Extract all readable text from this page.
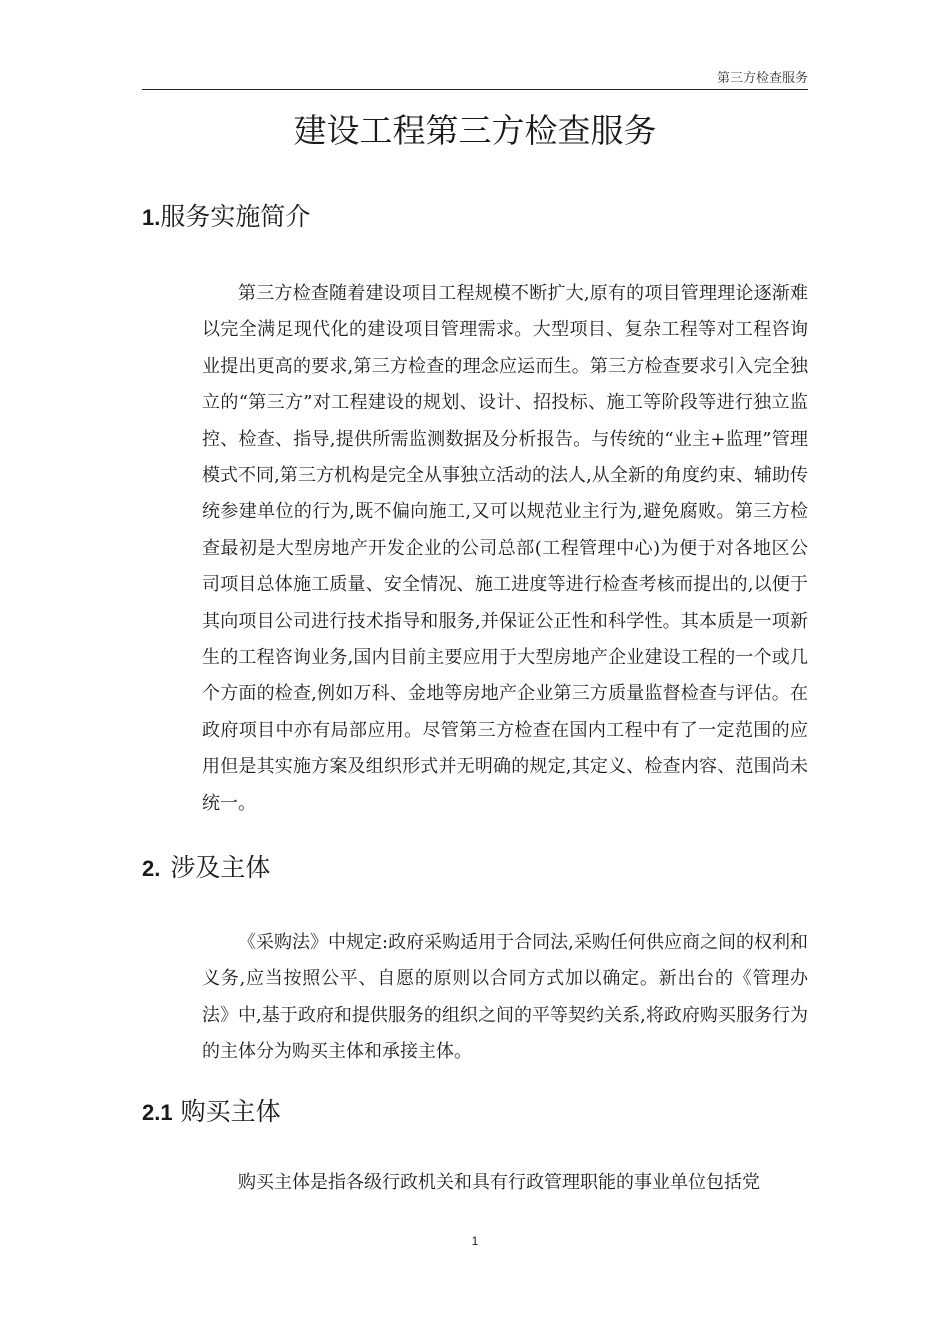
第三方检查服务
建设工程第三方检查服务
1.服务实施简介

第三方检查随着建设项目工程规模不断扩大,原有的项目管理理论逐渐难以完全满足现代化的建设项目管理需求。大型项目、复杂工程等对工程咨询业提出更高的要求,第三方检查的理念应运而生。第三方检查要求引入完全独立的“第三方”对工程建设的规划、设计、招投标、施工等阶段等进行独立监控、检查、指导,提供所需监测数据及分析报告。与传统的“业主+监理”管理模式不同,第三方机构是完全从事独立活动的法人,从全新的角度约束、辅助传统参建单位的行为,既不偏向施工,又可以规范业主行为,避免腐败。第三方检查最初是大型房地产开发企业的公司总部(工程管理中心)为便于对各地区公司项目总体施工质量、安全情况、施工进度等进行检查考核而提出的,以便于其向项目公司进行技术指导和服务,并保证公正性和科学性。其本质是一项新生的工程咨询业务,国内目前主要应用于大型房地产企业建设工程的一个或几个方面的检查,例如万科、金地等房地产企业第三方质量监督检查与评估。在政府项目中亦有局部应用。尽管第三方检查在国内工程中有了一定范围的应用但是其实施方案及组织形式并无明确的规定,其定义、检查内容、范围尚未统一。

2. 涉及主体

《采购法》中规定:政府采购适用于合同法,采购任何供应商之间的权利和义务,应当按照公平、自愿的原则以合同方式加以确定。新出台的《管理办法》中,基于政府和提供服务的组织之间的平等契约关系,将政府购买服务行为的主体分为购买主体和承接主体。

2.1 购买主体

购买主体是指各级行政机关和具有行政管理职能的事业单位包括党

1
